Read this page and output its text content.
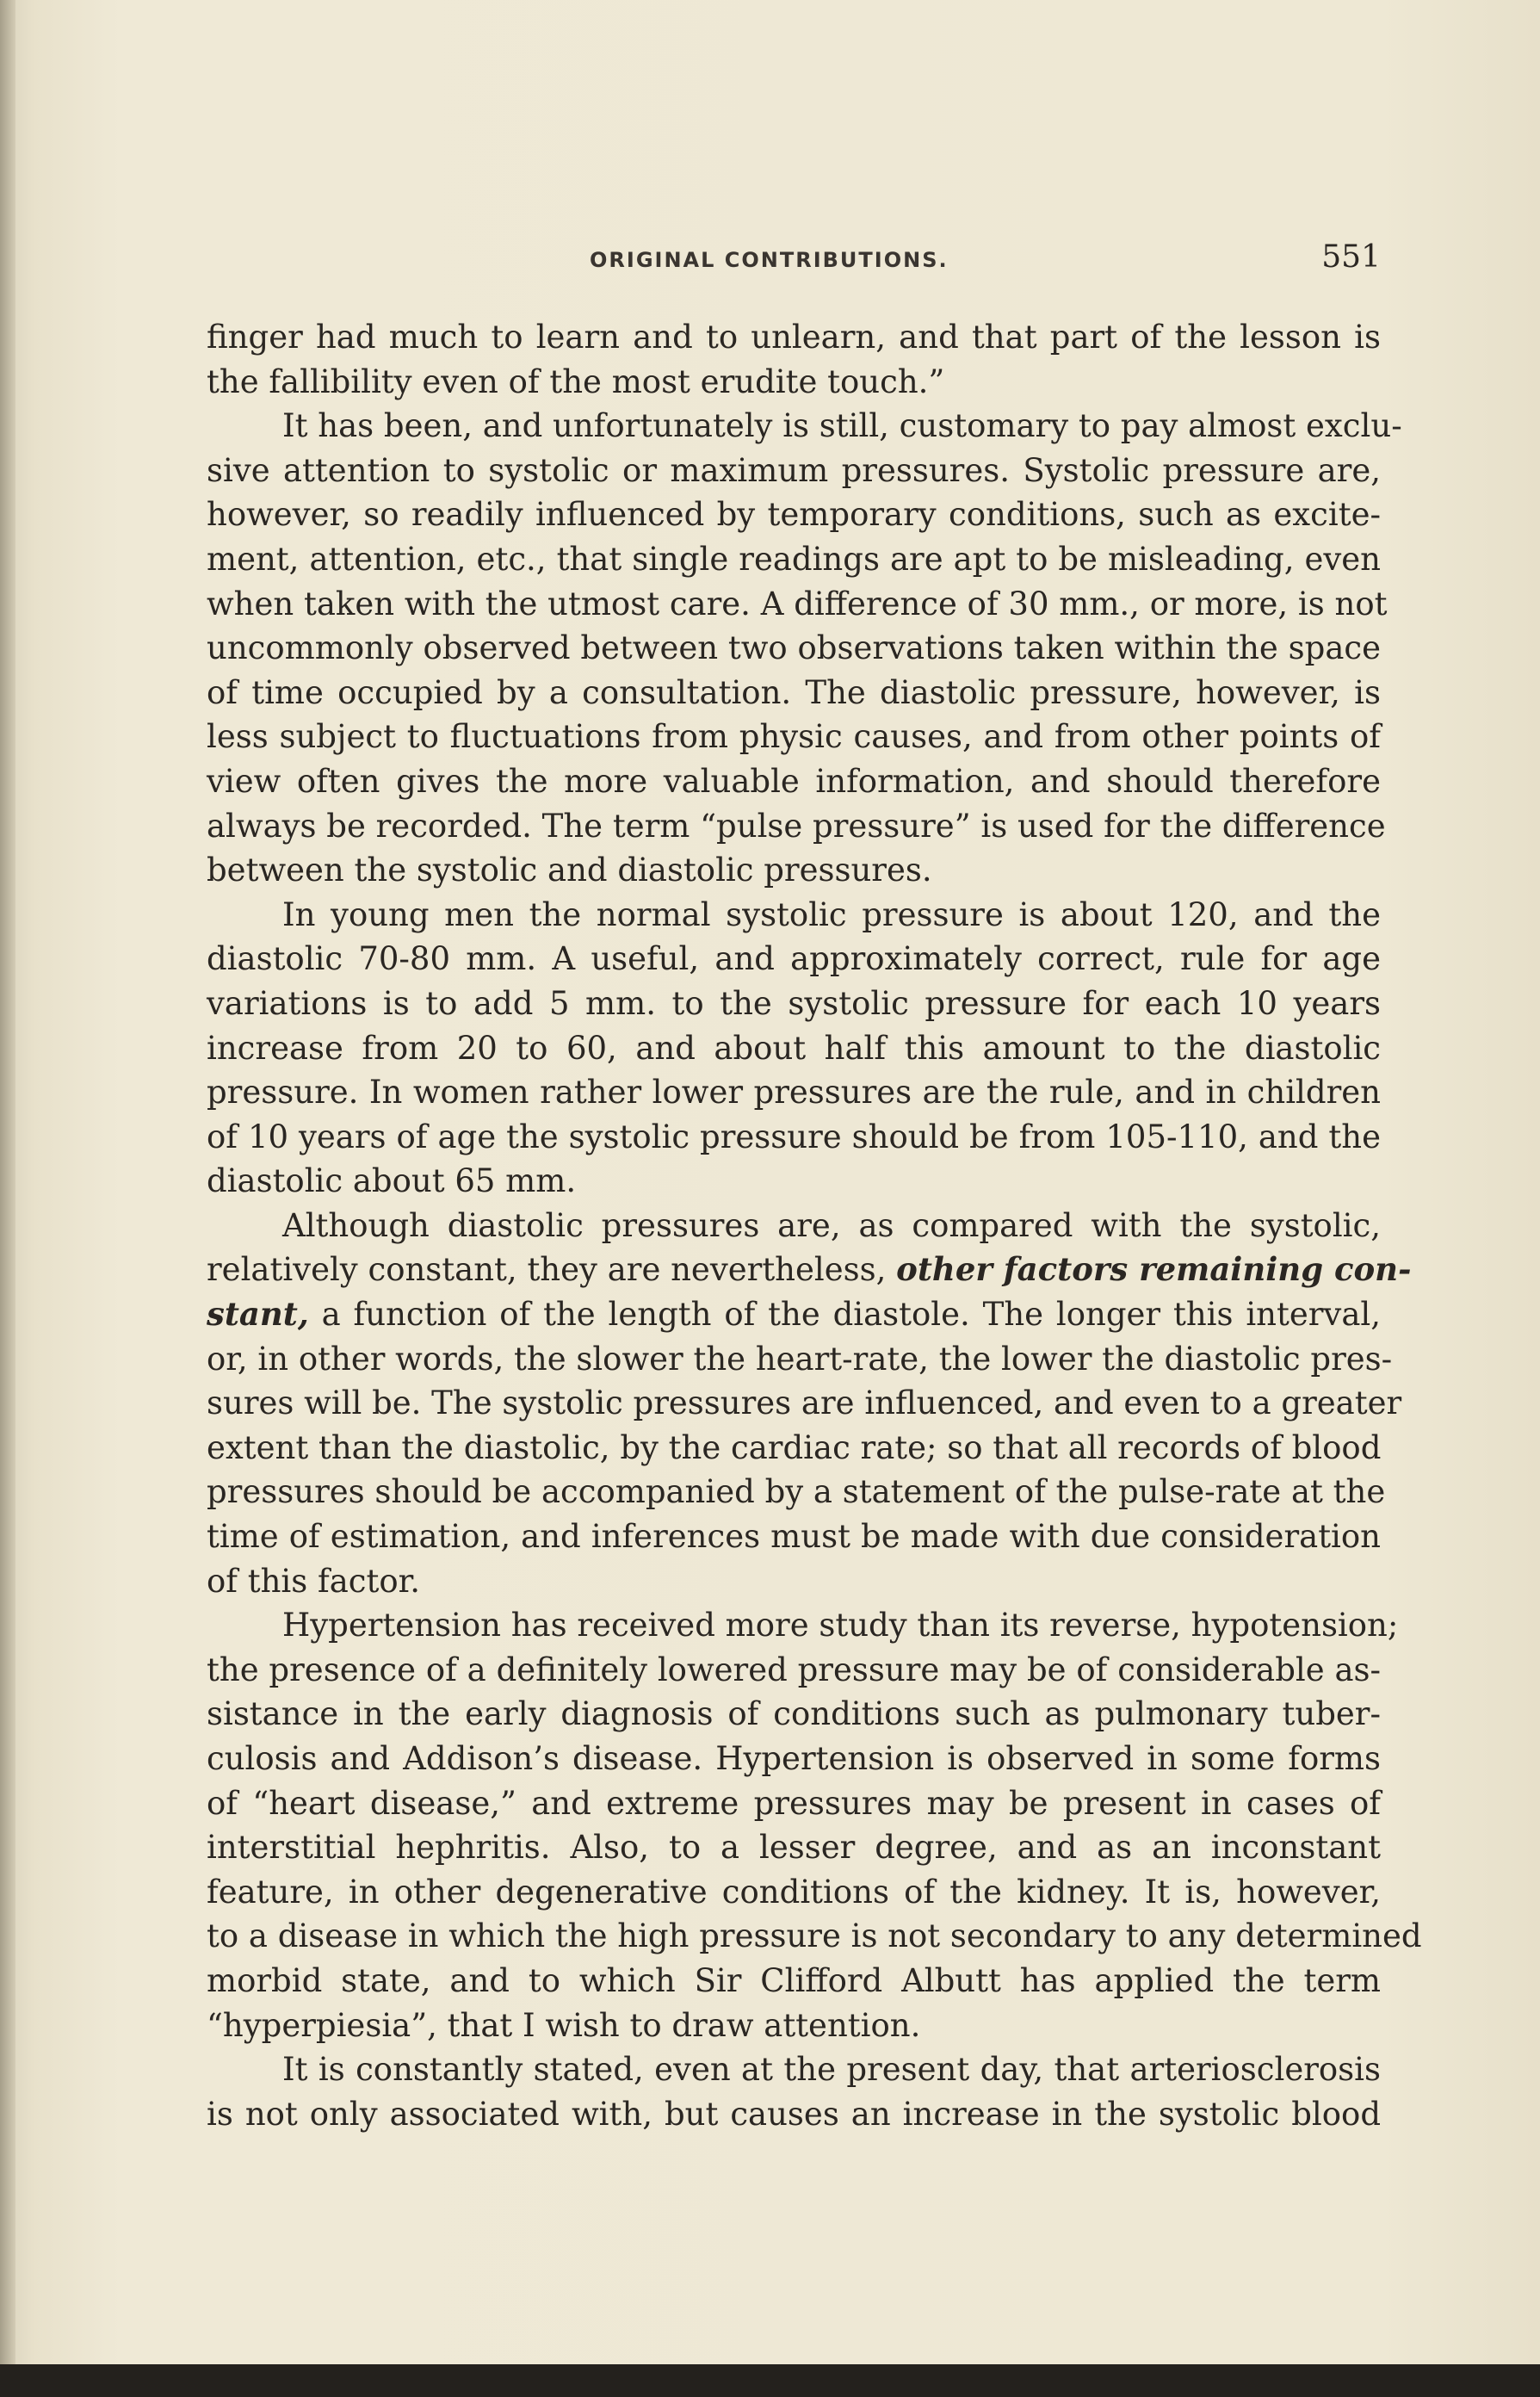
ORIGINAL CONTRIBUTIONS.	551

finger had much to learn and to unlearn, and that part of the lesson is
the fallibility even of the most erudite touch.”

It has been, and unfortunately is still, customary to pay almost exclu-
sive attention to systolic or maximum pressures. Systolic pressure are,
however, so readily influenced by temporary conditions, such as excite-
ment, attention, etc., that single readings are apt to be misleading, even
when taken with the utmost care. A difference of 30 mm., or more, is not
uncommonly observed between two observations taken within the space
of time occupied by a consultation. The diastolic pressure, however, is
less subject to fluctuations from physic causes, and from other points of
view often gives the more valuable information, and should therefore
always be recorded. The term “pulse pressure” is used for the difference
between the systolic and diastolic pressures.

In young men the normal systolic pressure is about 120, and the
diastolic 70-80 mm. A useful, and approximately correct, rule for age
variations is to add 5 mm. to the systolic pressure for each 10 years
increase from 20 to 60, and about half this amount to the diastolic
pressure. In women rather lower pressures are the rule, and in children
of 10 years of age the systolic pressure should be from 105-110, and the
diastolic about 65 mm.

Although diastolic pressures are, as compared with the systolic,
relatively constant, they are nevertheless, other factors remaining con-
stant, a function of the length of the diastole. The longer this interval,
or, in other words, the slower the heart-rate, the lower the diastolic pres-
sures will be. The systolic pressures are influenced, and even to a greater
extent than the diastolic, by the cardiac rate; so that all records of blood
pressures should be accompanied by a statement of the pulse-rate at the
time of estimation, and inferences must be made with due consideration
of this factor.

Hypertension has received more study than its reverse, hypotension;
the presence of a definitely lowered pressure may be of considerable as-
sistance in the early diagnosis of conditions such as pulmonary tuber-
culosis and Addison’s disease. Hypertension is observed in some forms
of “heart disease,” and extreme pressures may be present in cases of
interstitial hephritis. Also, to a lesser degree, and as an inconstant
feature, in other degenerative conditions of the kidney. It is, however,
to a disease in which the high pressure is not secondary to any determined
morbid state, and to which Sir Clifford Albutt has applied the term
“hyperpiesia”, that I wish to draw attention.

It is constantly stated, even at the present day, that arteriosclerosis
is not only associated with, but causes an increase in the systolic blood
